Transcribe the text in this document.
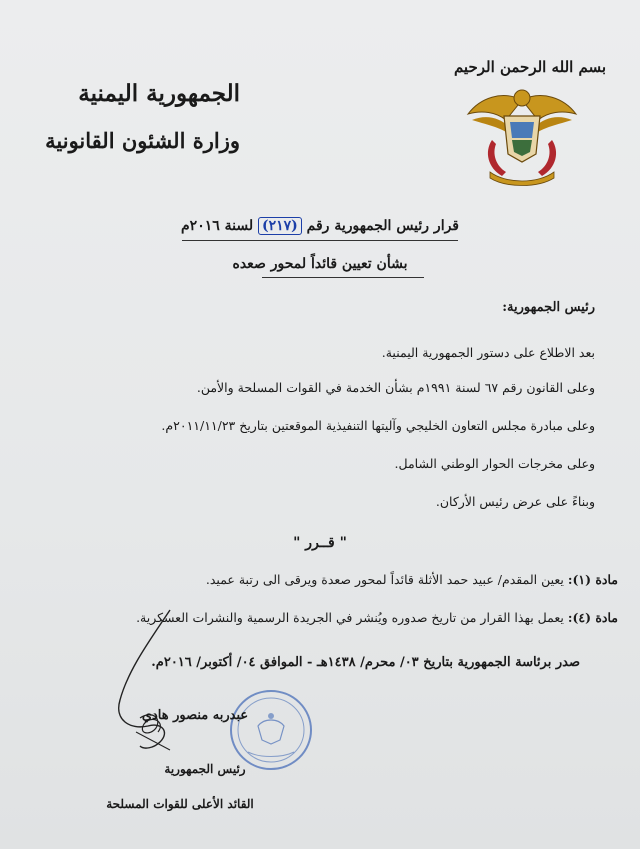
بسم الله الرحمن الرحيم
الجمهورية اليمنية
وزارة الشئون القانونية
قرار رئيس الجمهورية رقم (٢١٧) لسنة ٢٠١٦م
بشأن تعيين قائداً لمحور صعده
رئيس الجمهورية:
بعد الاطلاع على دستور الجمهورية اليمنية.
وعلى القانون رقم ٦٧ لسنة ١٩٩١م بشأن الخدمة في القوات المسلحة والأمن.
وعلى مبادرة مجلس التعاون الخليجي وآليتها التنفيذية الموقعتين بتاريخ ٢٠١١/١١/٢٣م.
وعلى مخرجات الحوار الوطني الشامل.
وبناءً على عرض رئيس الأركان.
" قــرر "
مادة (١): يعين المقدم/ عبيد حمد الأثلة قائداً لمحور صعدة ويرقى الى رتبة عميد.
مادة (٤): يعمل بهذا القرار من تاريخ صدوره ويُنشر في الجريدة الرسمية والنشرات العسكرية.
صدر برئاسة الجمهورية بتاريخ ٠٣/ محرم/ ١٤٣٨هـ - الموافق ٠٤/ أكتوبر/ ٢٠١٦م.
عبدربه منصور هادي
رئيس الجمهورية
القائد الأعلى للقوات المسلحة
